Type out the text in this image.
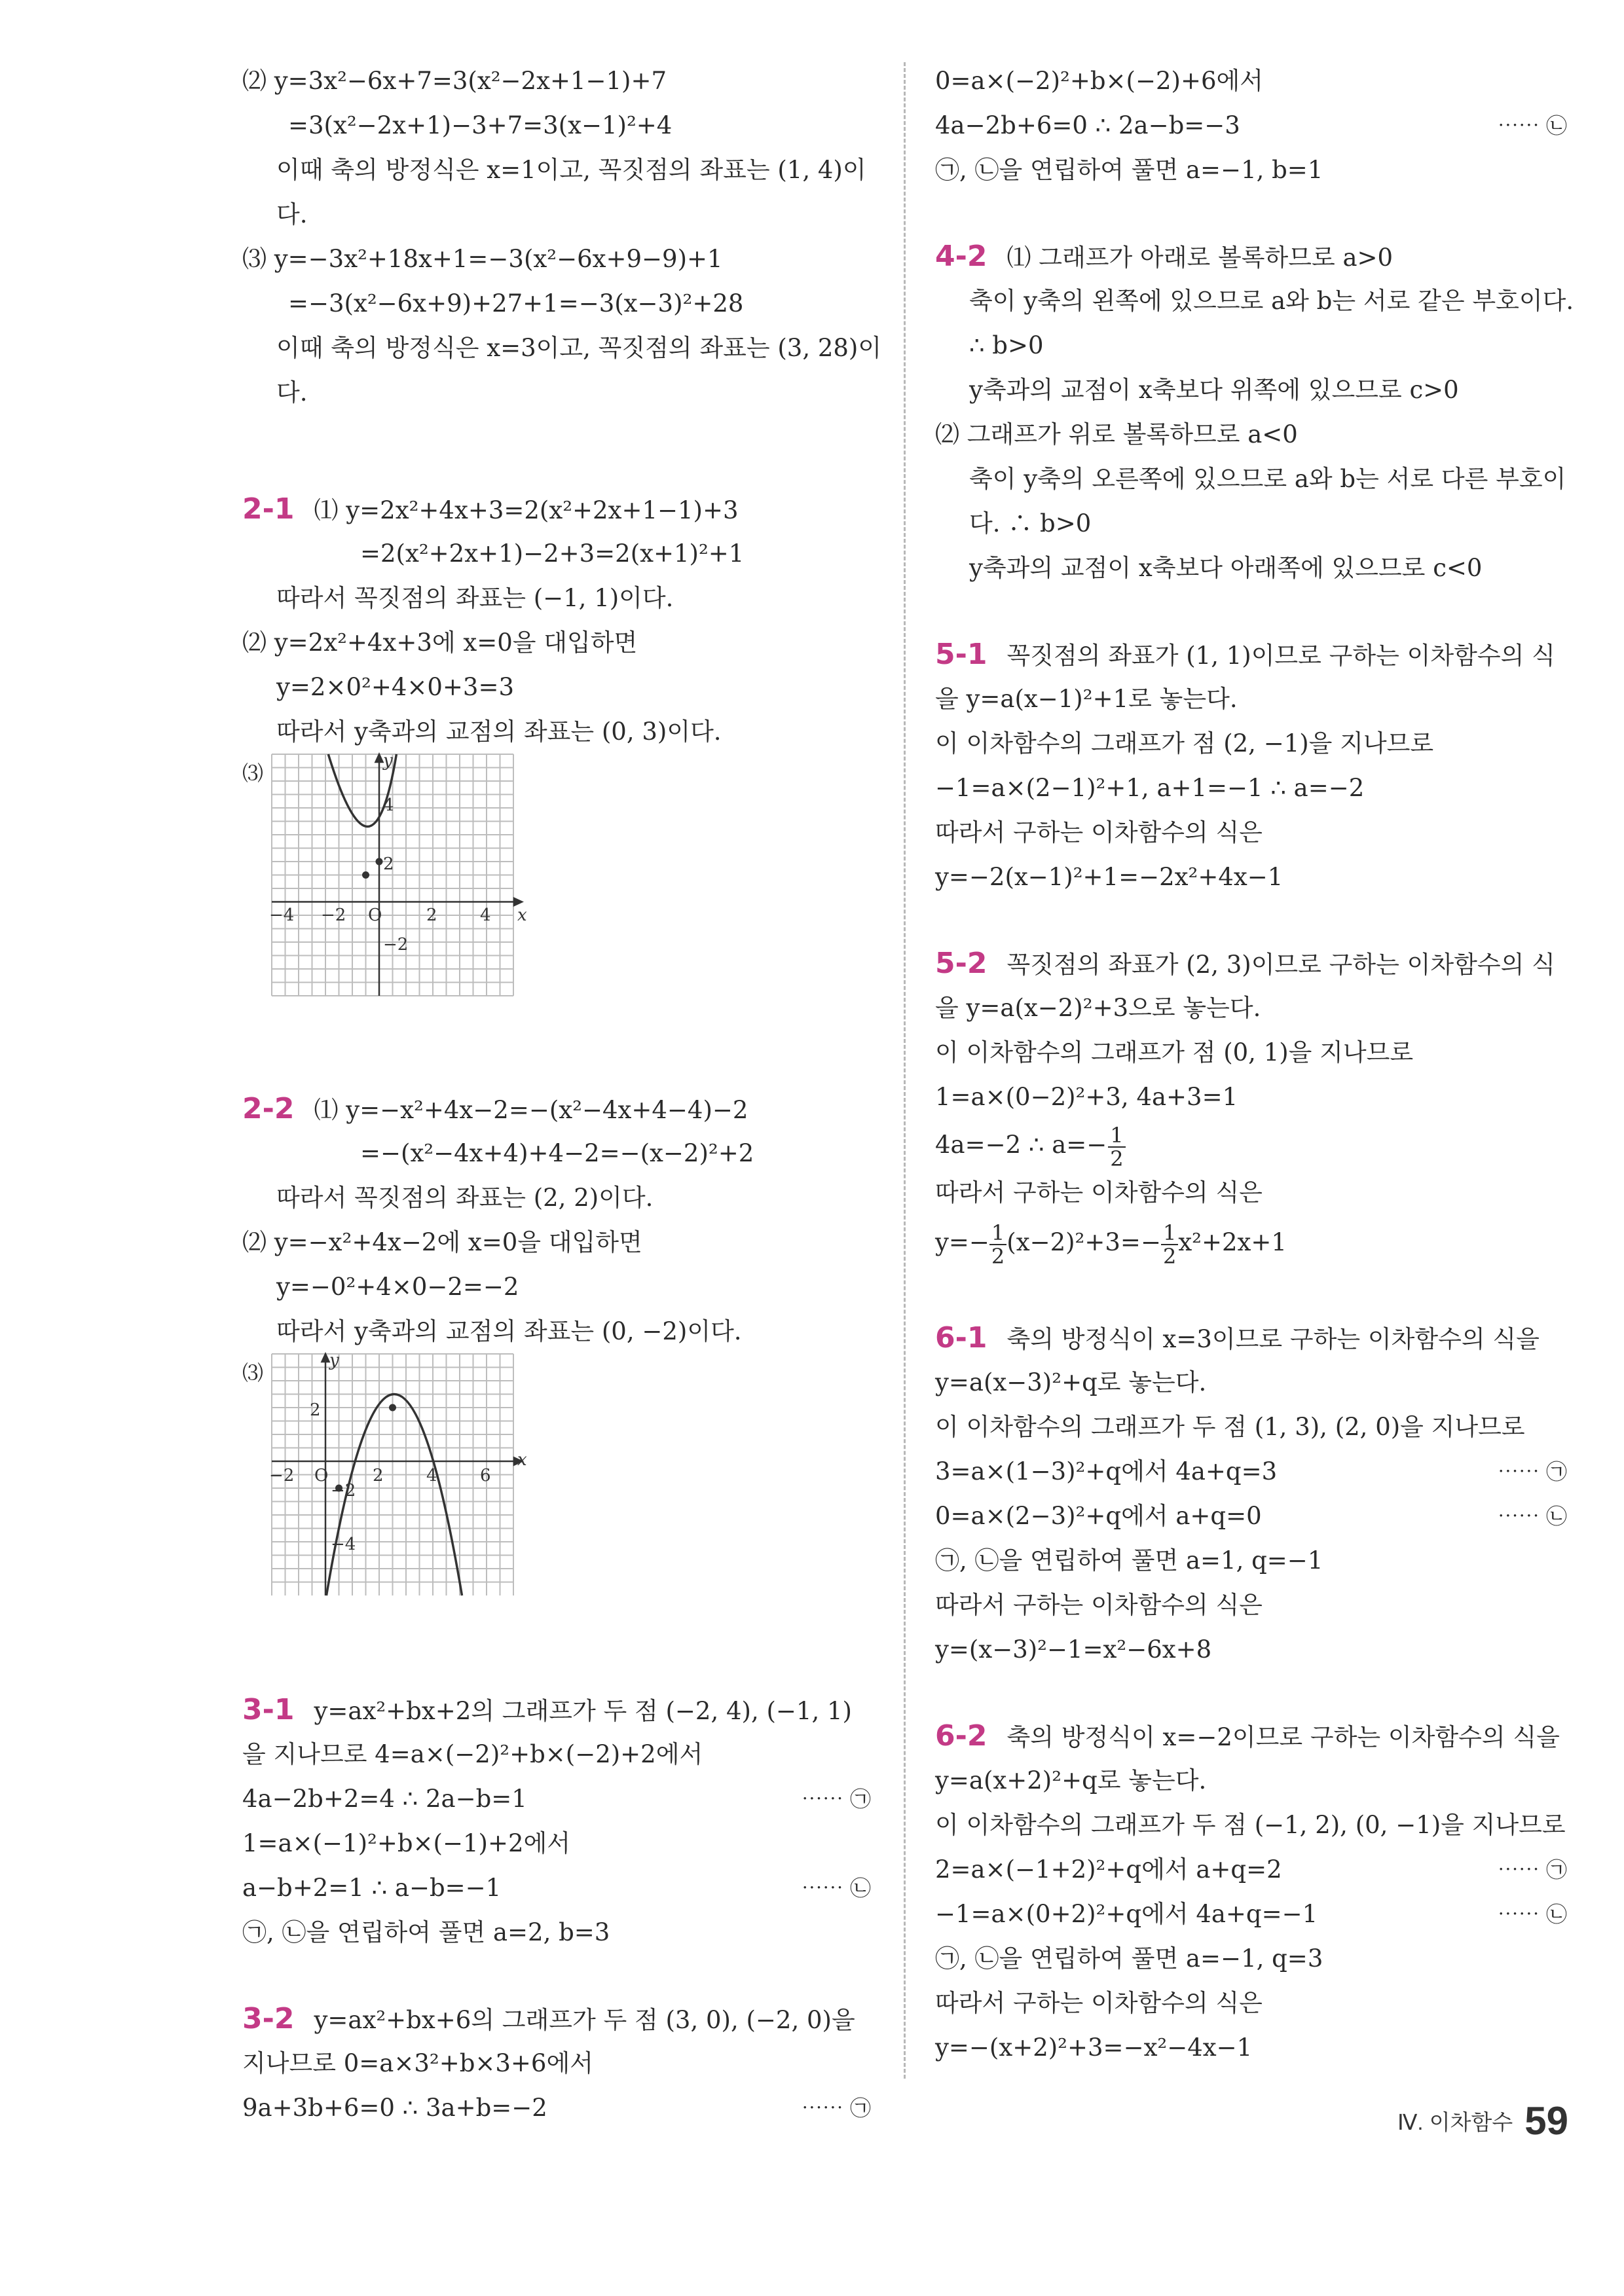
⑵ y=3x²−6x+7=3(x²−2x+1−1)+7
=3(x²−2x+1)−3+7=3(x−1)²+4
이때 축의 방정식은 x=1이고, 꼭짓점의 좌표는 (1, 4)이
다.
⑶ y=−3x²+18x+1=−3(x²−6x+9−9)+1
=−3(x²−6x+9)+27+1=−3(x−3)²+28
이때 축의 방정식은 x=3이고, 꼭짓점의 좌표는 (3, 28)이
다.
2-1 ⑴ y=2x²+4x+3=2(x²+2x+1−1)+3
=2(x²+2x+1)−2+3=2(x+1)²+1
따라서 꼭짓점의 좌표는 (−1, 1)이다.
⑵ y=2x²+4x+3에 x=0을 대입하면
y=2×0²+4×0+3=3
따라서 y축과의 교점의 좌표는 (0, 3)이다.
⑶
−4 −2 O	2	4 x
y
4
2
−2
2-2 ⑴ y=−x²+4x−2=−(x²−4x+4−4)−2
=−(x²−4x+4)+4−2=−(x−2)²+2
따라서 꼭짓점의 좌표는 (2, 2)이다.
⑵ y=−x²+4x−2에 x=0을 대입하면
y=−0²+4×0−2=−2
따라서 y축과의 교점의 좌표는 (0, −2)이다.
⑶
−2 O	2	4	6
x
y
2
−2
−4
3-1 y=ax²+bx+2의 그래프가 두 점 (−2, 4), (−1, 1)
을 지나므로 4=a×(−2)²+b×(−2)+2에서
4a−2b+2=4 ∴ 2a−b=1	⋯⋯ ㉠
1=a×(−1)²+b×(−1)+2에서
a−b+2=1 ∴ a−b=−1	⋯⋯ ㉡
㉠, ㉡을 연립하여 풀면 a=2, b=3
3-2 y=ax²+bx+6의 그래프가 두 점 (3, 0), (−2, 0)을
지나므로 0=a×3²+b×3+6에서
9a+3b+6=0 ∴ 3a+b=−2	⋯⋯ ㉠
0=a×(−2)²+b×(−2)+6에서
4a−2b+6=0 ∴ 2a−b=−3	⋯⋯ ㉡
㉠, ㉡을 연립하여 풀면 a=−1, b=1
4-2 ⑴ 그래프가 아래로 볼록하므로 a>0
축이 y축의 왼쪽에 있으므로 a와 b는 서로 같은 부호이다.
∴ b>0
y축과의 교점이 x축보다 위쪽에 있으므로 c>0
⑵ 그래프가 위로 볼록하므로 a<0
축이 y축의 오른쪽에 있으므로 a와 b는 서로 다른 부호이
다. ∴ b>0
y축과의 교점이 x축보다 아래쪽에 있으므로 c<0
5-1 꼭짓점의 좌표가 (1, 1)이므로 구하는 이차함수의 식
을 y=a(x−1)²+1로 놓는다.
이 이차함수의 그래프가 점 (2, −1)을 지나므로
−1=a×(2−1)²+1, a+1=−1 ∴ a=−2
따라서 구하는 이차함수의 식은
y=−2(x−1)²+1=−2x²+4x−1
5-2 꼭짓점의 좌표가 (2, 3)이므로 구하는 이차함수의 식
을 y=a(x−2)²+3으로 놓는다.
이 이차함수의 그래프가 점 (0, 1)을 지나므로
1=a×(0−2)²+3, 4a+3=1
4a=−2 ∴ $a=- \frac{1}{2}$
따라서 구하는 이차함수의 식은
$y=- \frac{1}{2} (x-2)^2+3=- \frac{1}{2} x^2+2x+1$
6-1 축의 방정식이 x=3이므로 구하는 이차함수의 식을
y=a(x−3)²+q로 놓는다.
이 이차함수의 그래프가 두 점 (1, 3), (2, 0)을 지나므로
3=a×(1−3)²+q에서 4a+q=3	⋯⋯ ㉠
0=a×(2−3)²+q에서 a+q=0	⋯⋯ ㉡
㉠, ㉡을 연립하여 풀면 a=1, q=−1
따라서 구하는 이차함수의 식은
y=(x−3)²−1=x²−6x+8
6-2 축의 방정식이 x=−2이므로 구하는 이차함수의 식을
y=a(x+2)²+q로 놓는다.
이 이차함수의 그래프가 두 점 (−1, 2), (0, −1)을 지나므로
2=a×(−1+2)²+q에서 a+q=2	⋯⋯ ㉠
−1=a×(0+2)²+q에서 4a+q=−1	⋯⋯ ㉡
㉠, ㉡을 연립하여 풀면 a=−1, q=3
따라서 구하는 이차함수의 식은
y=−(x+2)²+3=−x²−4x−1
Ⅳ. 이차함수 59
